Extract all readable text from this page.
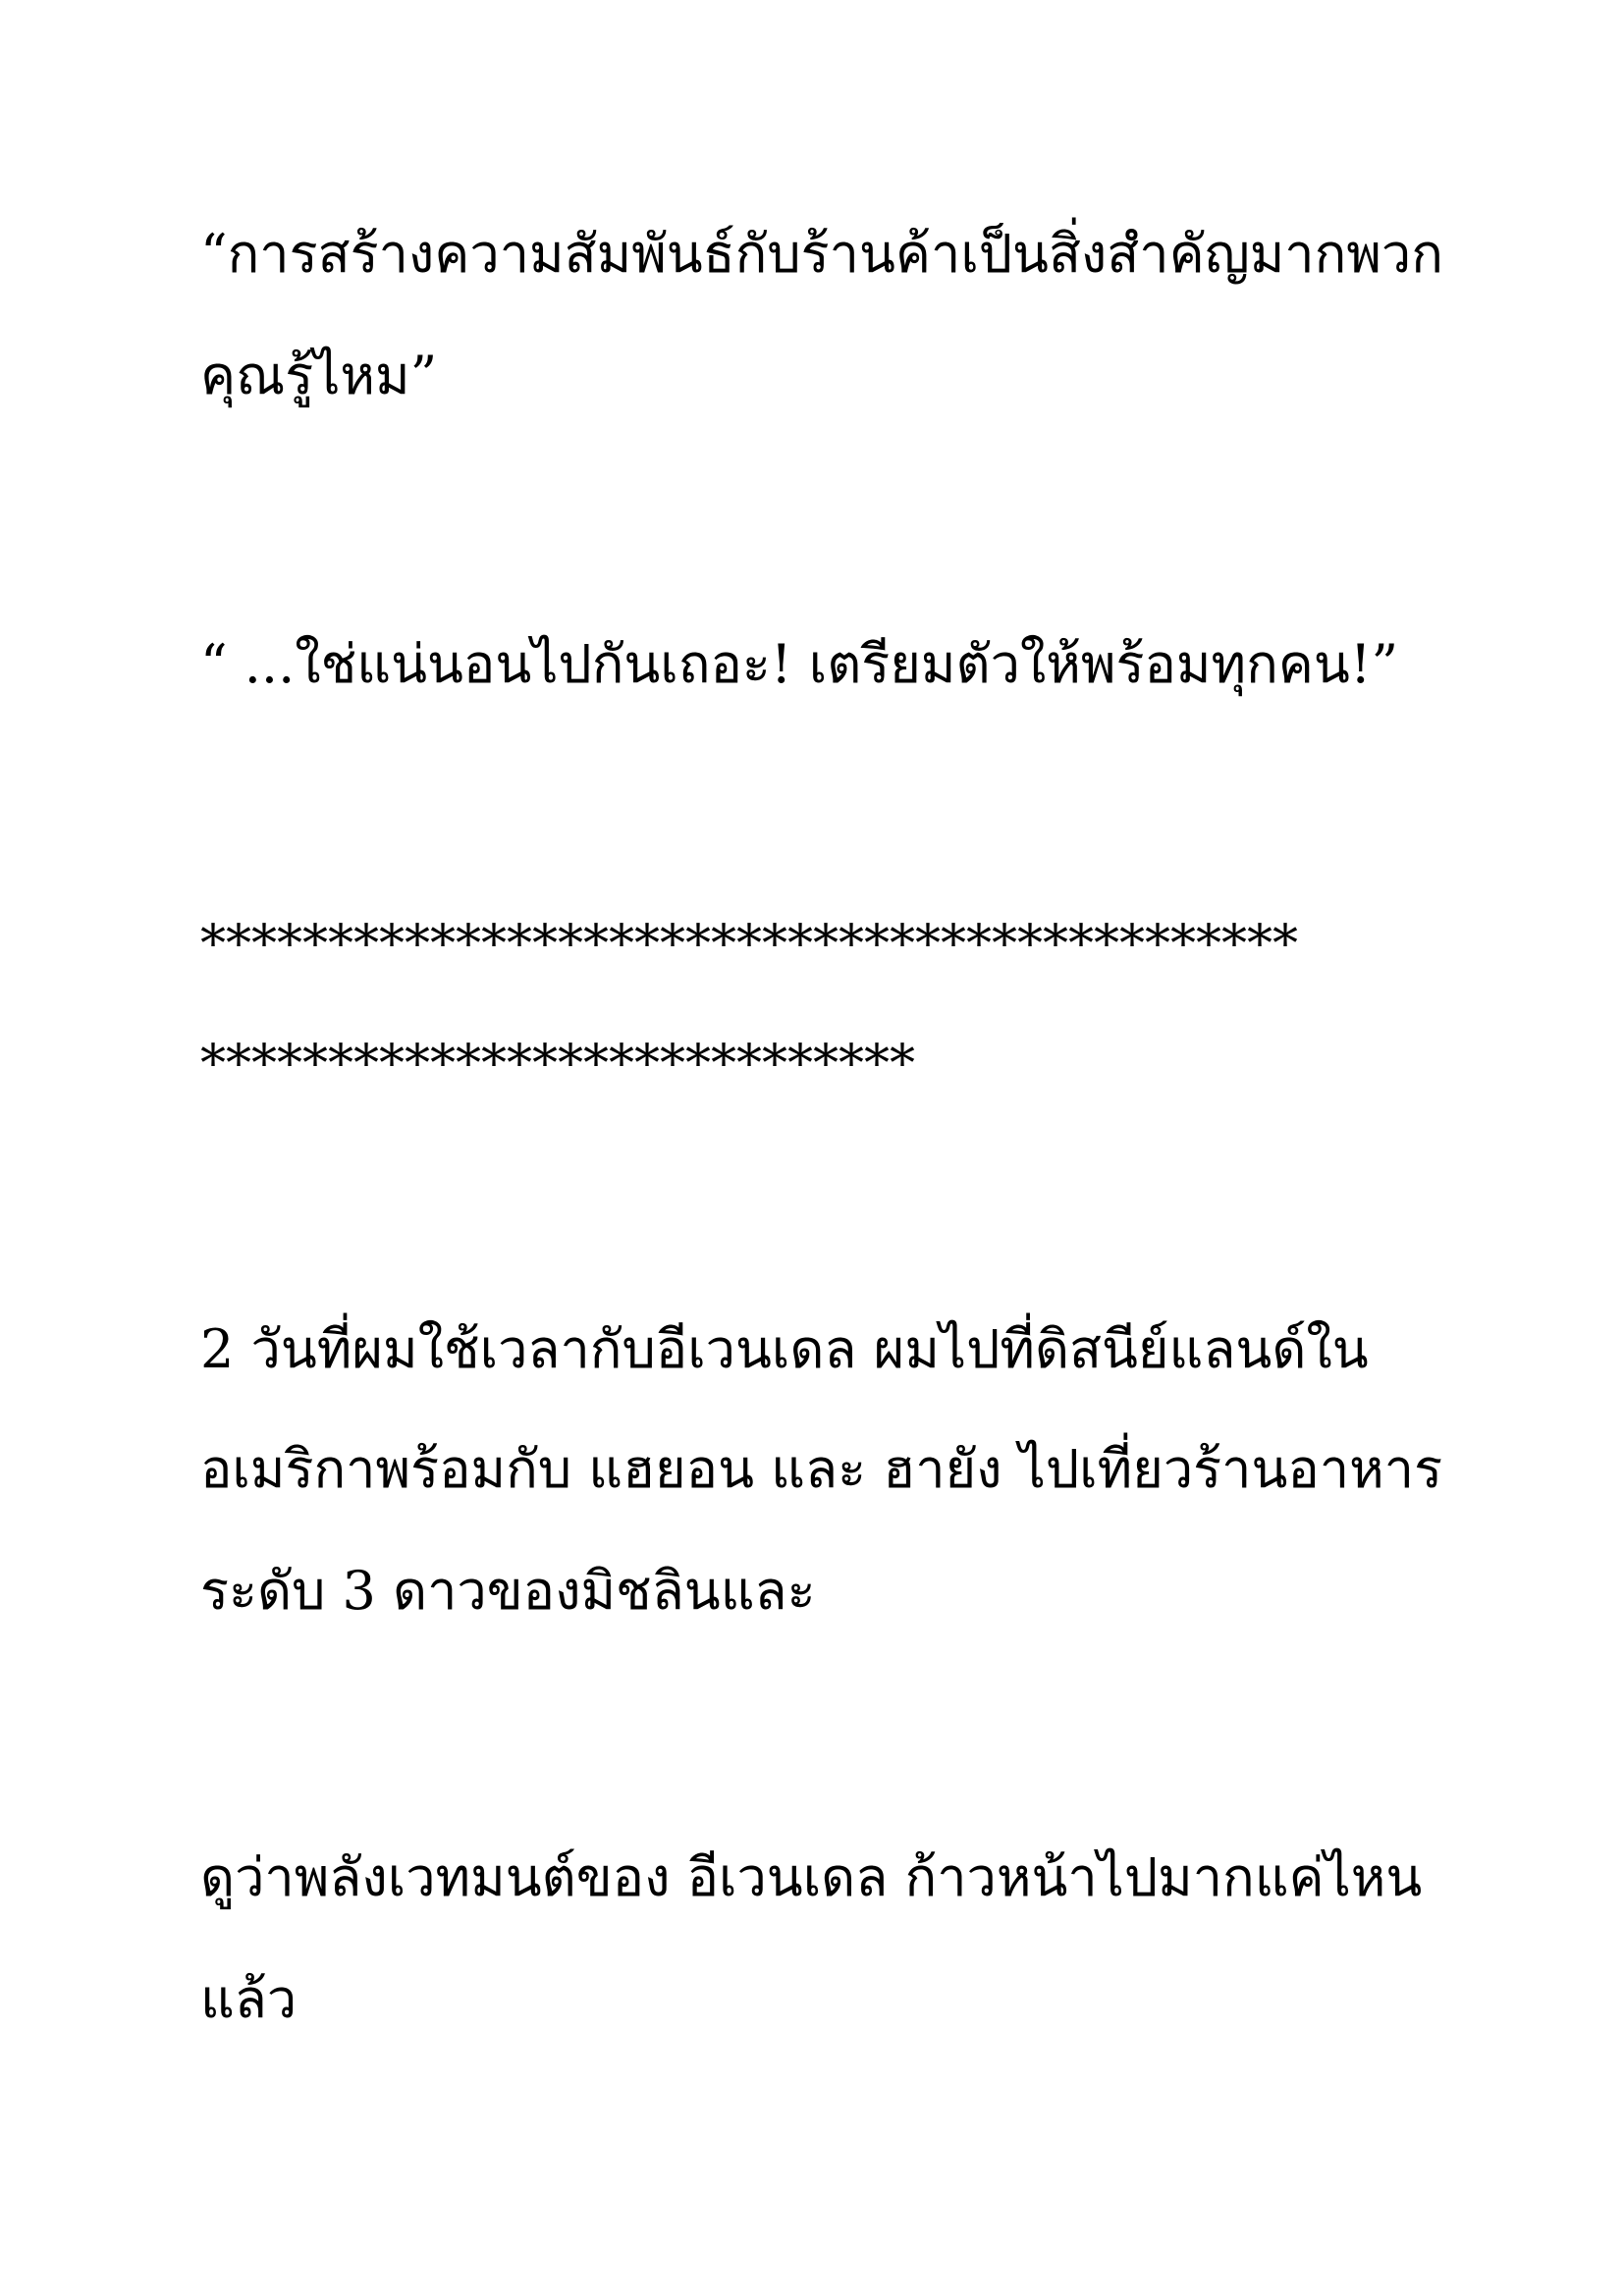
“การสร้างความสัมพันธ์กับร้านค้าเป็นสิ่งสำคัญมากพวก
คุณรู้ไหม”
“ ...ใช่แน่นอนไปกันเถอะ! เตรียมตัวให้พร้อมทุกคน!”
*******************************************
****************************
2 วันที่ผมใช้เวลากับอีเวนเดล ผมไปที่ดิสนีย์แลนด์ใน
อเมริกาพร้อมกับ แฮยอน และ ฮายัง ไปเที่ยวร้านอาหาร
ระดับ 3 ดาวของมิชลินและ
ดูว่าพลังเวทมนต์ของ อีเวนเดล ก้าวหน้าไปมากแค่ไหน
แล้ว
